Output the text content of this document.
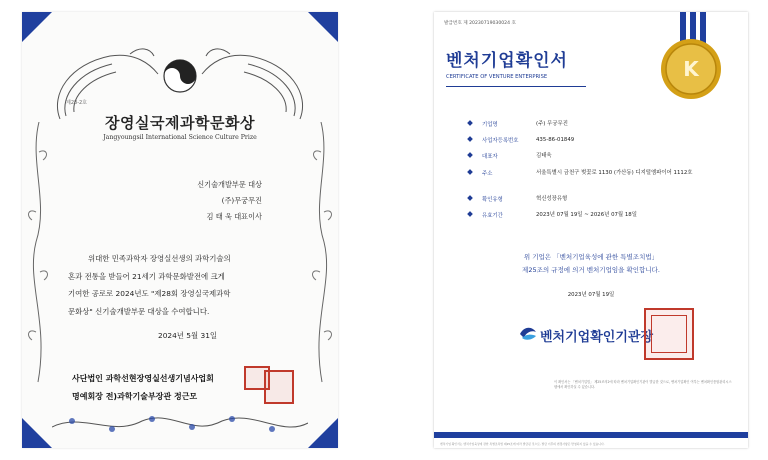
제28-2호
장영실국제과학문화상
Jangyoungsil International Science Culture Prize
신기술개발부문 대상
(주)무궁무진
김 태 욱 대표이사
위대한 민족과학자 장영실선생의 과학기술의
혼과 전통을 받들어 21세기 과학문화발전에 크게
기여한 공로로 2024년도 "제28회 장영실국제과학
문화상" 신기술개발부문 대상을 수여합니다.
2024년 5월 31일
사단법인 과학선현장영실선생기념사업회
명예회장 전)과학기술부장관 정근모
발급번호 제 20230719030024 호
K
벤처기업확인서
CERTIFICATE OF VENTURE ENTERPRISE
기업명	(주) 무궁무진
사업자등록번호	435-86-01849
대표자	김태욱
주소	서울특별시 금천구 벚꽃로 1130 (가산동) 디지털엠파이어 1112호
확인유형	혁신성장유형
유효기간	2023년 07월 19일 ~ 2026년 07월 18일
위 기업은 「벤처기업육성에 관한 특별조치법」
제25조의 규정에 의거 벤처기업임을 확인합니다.
2023년 07월 19일
벤처기업확인기관장
이 확인서는 「벤처기업법」 제25조의2에 따라 벤처기업확인기관이 발급한 것으로, 벤처기업확인 여부는 벤처확인종합관리시스템에서 확인하실 수 있습니다.
벤처기업 확인서는 벤처기업육성에 관한 특별조치법 제25조에 따라 발급된 것으로, 발급 이후의 변경사항은 반영되지 않을 수 있습니다.
